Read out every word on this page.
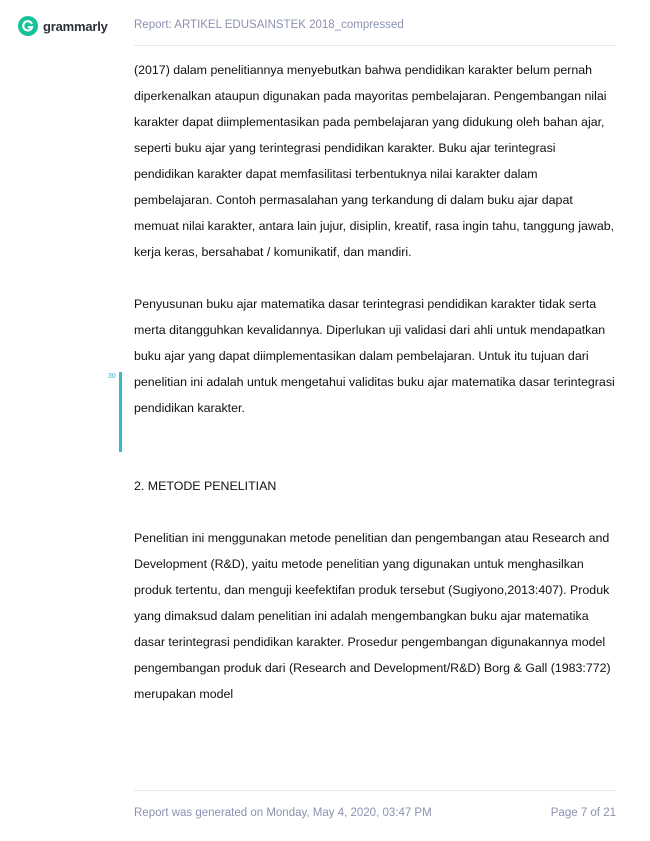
grammarly Report: ARTIKEL EDUSAINSTEK 2018_compressed
30

(2017) dalam penelitiannya menyebutkan bahwa pendidikan karakter belum pernah diperkenalkan ataupun digunakan pada mayoritas pembelajaran. Pengembangan nilai karakter dapat diimplementasikan pada pembelajaran yang didukung oleh bahan ajar, seperti buku ajar yang terintegrasi pendidikan karakter. Buku ajar terintegrasi pendidikan karakter dapat memfasilitasi terbentuknya nilai karakter dalam pembelajaran. Contoh permasalahan yang terkandung di dalam buku ajar dapat memuat nilai karakter, antara lain jujur, disiplin, kreatif, rasa ingin tahu, tanggung jawab, kerja keras, bersahabat / komunikatif, dan mandiri.

Penyusunan buku ajar matematika dasar terintegrasi pendidikan karakter tidak serta merta ditangguhkan kevalidannya. Diperlukan uji validasi dari ahli untuk mendapatkan buku ajar yang dapat diimplementasikan dalam pembelajaran. Untuk itu tujuan dari penelitian ini adalah untuk mengetahui validitas buku ajar matematika dasar terintegrasi pendidikan karakter.

2. METODE PENELITIAN

Penelitian ini menggunakan metode penelitian dan pengembangan atau Research and Development (R&D), yaitu metode penelitian yang digunakan untuk menghasilkan produk tertentu, dan menguji keefektifan produk tersebut (Sugiyono,2013:407). Produk yang dimaksud dalam penelitian ini adalah mengembangkan buku ajar matematika dasar terintegrasi pendidikan karakter. Prosedur pengembangan digunakannya model pengembangan produk dari (Research and Development/R&D) Borg & Gall (1983:772) merupakan model

Report was generated on Monday, May 4, 2020, 03:47 PM	Page 7 of 21
